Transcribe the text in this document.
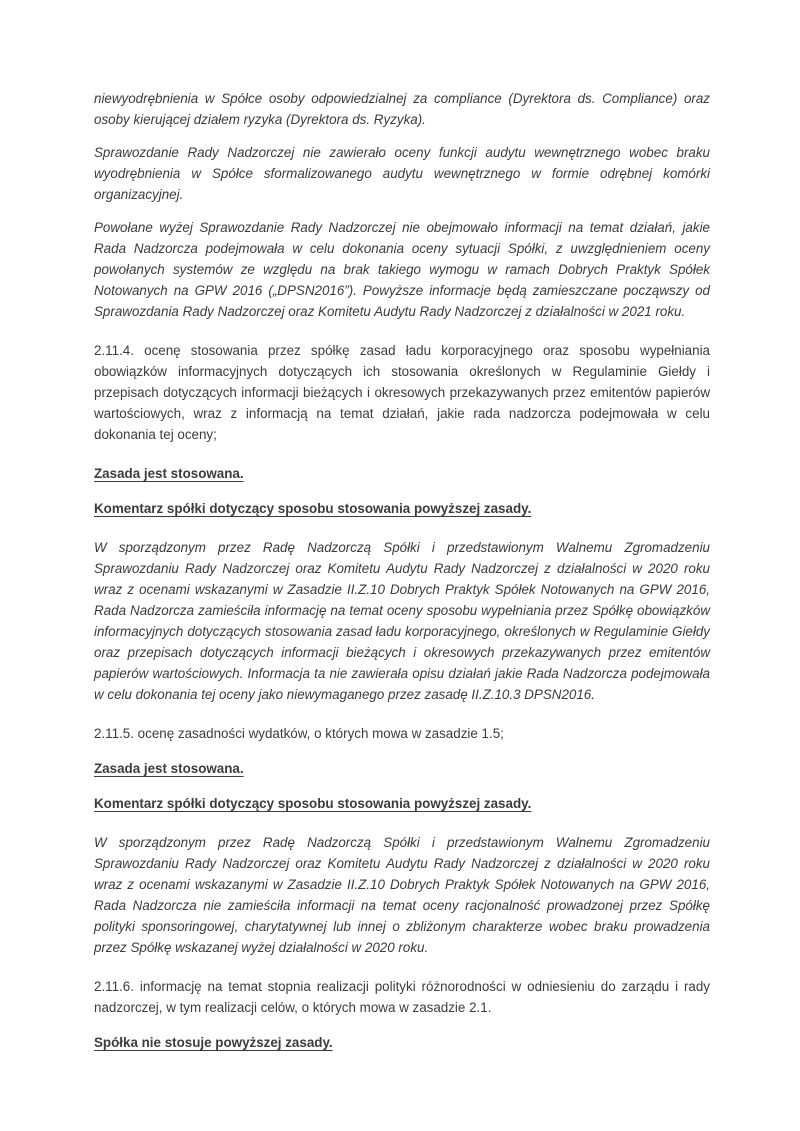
niewyodrębnienia w Spółce osoby odpowiedzialnej za compliance (Dyrektora ds. Compliance) oraz osoby kierującej działem ryzyka (Dyrektora ds. Ryzyka).

Sprawozdanie Rady Nadzorczej nie zawierało oceny funkcji audytu wewnętrznego wobec braku wyodrębnienia w Spółce sformalizowanego audytu wewnętrznego w formie odrębnej komórki organizacyjnej.

Powołane wyżej Sprawozdanie Rady Nadzorczej nie obejmowało informacji na temat działań, jakie Rada Nadzorcza podejmowała w celu dokonania oceny sytuacji Spółki, z uwzględnieniem oceny powołanych systemów ze względu na brak takiego wymogu w ramach Dobrych Praktyk Spółek Notowanych na GPW 2016 („DPSN2016”). Powyższe informacje będą zamieszczane począwszy od Sprawozdania Rady Nadzorczej oraz Komitetu Audytu Rady Nadzorczej z działalności w 2021 roku.

2.11.4. ocenę stosowania przez spółkę zasad ładu korporacyjnego oraz sposobu wypełniania obowiązków informacyjnych dotyczących ich stosowania określonych w Regulaminie Giełdy i przepisach dotyczących informacji bieżących i okresowych przekazywanych przez emitentów papierów wartościowych, wraz z informacją na temat działań, jakie rada nadzorcza podejmowała w celu dokonania tej oceny;

Zasada jest stosowana.

Komentarz spółki dotyczący sposobu stosowania powyższej zasady.

W sporządzonym przez Radę Nadzorczą Spółki i przedstawionym Walnemu Zgromadzeniu Sprawozdaniu Rady Nadzorczej oraz Komitetu Audytu Rady Nadzorczej z działalności w 2020 roku wraz z ocenami wskazanymi w Zasadzie II.Z.10 Dobrych Praktyk Spółek Notowanych na GPW 2016, Rada Nadzorcza zamieściła informację na temat oceny sposobu wypełniania przez Spółkę obowiązków informacyjnych dotyczących stosowania zasad ładu korporacyjnego, określonych w Regulaminie Giełdy oraz przepisach dotyczących informacji bieżących i okresowych przekazywanych przez emitentów papierów wartościowych. Informacja ta nie zawierała opisu działań jakie Rada Nadzorcza podejmowała w celu dokonania tej oceny jako niewymaganego przez zasadę II.Z.10.3 DPSN2016.

2.11.5. ocenę zasadności wydatków, o których mowa w zasadzie 1.5;

Zasada jest stosowana.

Komentarz spółki dotyczący sposobu stosowania powyższej zasady.

W sporządzonym przez Radę Nadzorczą Spółki i przedstawionym Walnemu Zgromadzeniu Sprawozdaniu Rady Nadzorczej oraz Komitetu Audytu Rady Nadzorczej z działalności w 2020 roku wraz z ocenami wskazanymi w Zasadzie II.Z.10 Dobrych Praktyk Spółek Notowanych na GPW 2016, Rada Nadzorcza nie zamieściła informacji na temat oceny racjonalność prowadzonej przez Spółkę polityki sponsoringowej, charytatywnej lub innej o zbliżonym charakterze wobec braku prowadzenia przez Spółkę wskazanej wyżej działalności w 2020 roku.

2.11.6. informację na temat stopnia realizacji polityki różnorodności w odniesieniu do zarządu i rady nadzorczej, w tym realizacji celów, o których mowa w zasadzie 2.1.

Spółka nie stosuje powyższej zasady.
